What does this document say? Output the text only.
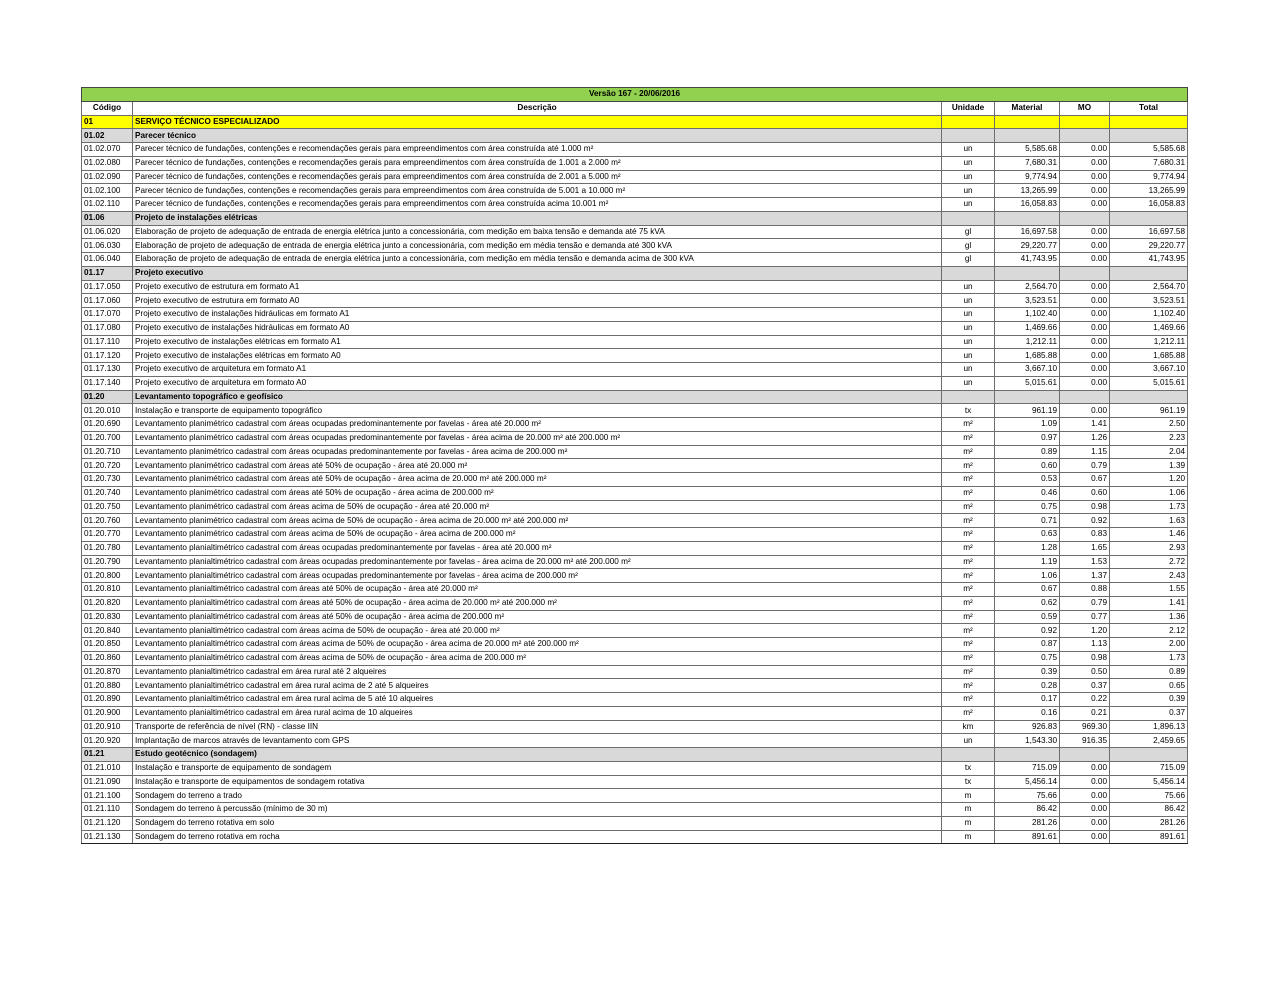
Versão 167 - 20/06/2016					
Código	Descrição	Unidade	Material	MO	Total
01	SERVIÇO TÉCNICO ESPECIALIZADO				
01.02	Parecer técnico				
01.02.070	Parecer técnico de fundações, contenções e recomendações gerais para empreendimentos com área construída até 1.000 m²	un	5,585.68	0.00	5,585.68
01.02.080	Parecer técnico de fundações, contenções e recomendações gerais para empreendimentos com área construída de 1.001 a 2.000 m²	un	7,680.31	0.00	7,680.31
01.02.090	Parecer técnico de fundações, contenções e recomendações gerais para empreendimentos com área construída de 2.001 a 5.000 m²	un	9,774.94	0.00	9,774.94
01.02.100	Parecer técnico de fundações, contenções e recomendações gerais para empreendimentos com área construída de 5.001 a 10.000 m²	un	13,265.99	0.00	13,265.99
01.02.110	Parecer técnico de fundações, contenções e recomendações gerais para empreendimentos com área construída acima 10.001 m²	un	16,058.83	0.00	16,058.83
01.06	Projeto de instalações elétricas				
01.06.020	Elaboração de projeto de adequação de entrada de energia elétrica junto a concessionária, com medição em baixa tensão e demanda até 75 kVA	gl	16,697.58	0.00	16,697.58
01.06.030	Elaboração de projeto de adequação de entrada de energia elétrica junto a concessionária, com medição em média tensão e demanda até 300 kVA	gl	29,220.77	0.00	29,220.77
01.06.040	Elaboração de projeto de adequação de entrada de energia elétrica junto a concessionária, com medição em média tensão e demanda acima de 300 kVA	gl	41,743.95	0.00	41,743.95
01.17	Projeto executivo				
01.17.050	Projeto executivo de estrutura em formato A1	un	2,564.70	0.00	2,564.70
01.17.060	Projeto executivo de estrutura em formato A0	un	3,523.51	0.00	3,523.51
01.17.070	Projeto executivo de instalações hidráulicas em formato A1	un	1,102.40	0.00	1,102.40
01.17.080	Projeto executivo de instalações hidráulicas em formato A0	un	1,469.66	0.00	1,469.66
01.17.110	Projeto executivo de instalações elétricas em formato A1	un	1,212.11	0.00	1,212.11
01.17.120	Projeto executivo de instalações elétricas em formato A0	un	1,685.88	0.00	1,685.88
01.17.130	Projeto executivo de arquitetura em formato A1	un	3,667.10	0.00	3,667.10
01.17.140	Projeto executivo de arquitetura em formato A0	un	5,015.61	0.00	5,015.61
01.20	Levantamento topográfico e geofísico				
01.20.010	Instalação e transporte de equipamento topográfico	tx	961.19	0.00	961.19
01.20.690	Levantamento planimétrico cadastral com áreas ocupadas predominantemente por favelas - área até 20.000 m²	m²	1.09	1.41	2.50
01.20.700	Levantamento planimétrico cadastral com áreas ocupadas predominantemente por favelas - área acima de 20.000 m² até 200.000 m²	m²	0.97	1.26	2.23
01.20.710	Levantamento planimétrico cadastral com áreas ocupadas predominantemente por favelas - área acima de 200.000 m²	m²	0.89	1.15	2.04
01.20.720	Levantamento planimétrico cadastral com áreas até 50% de ocupação - área até 20.000 m²	m²	0.60	0.79	1.39
01.20.730	Levantamento planimétrico cadastral com áreas até 50% de ocupação - área acima de 20.000 m² até 200.000 m²	m²	0.53	0.67	1.20
01.20.740	Levantamento planimétrico cadastral com áreas até 50% de ocupação - área acima de 200.000 m²	m²	0.46	0.60	1.06
01.20.750	Levantamento planimétrico cadastral com áreas acima de 50% de ocupação - área até 20.000 m²	m²	0.75	0.98	1.73
01.20.760	Levantamento planimétrico cadastral com áreas acima de 50% de ocupação - área acima de 20.000 m² até 200.000 m²	m²	0.71	0.92	1.63
01.20.770	Levantamento planimétrico cadastral com áreas acima de 50% de ocupação - área acima de 200.000 m²	m²	0.63	0.83	1.46
01.20.780	Levantamento planialtimétrico cadastral com áreas ocupadas predominantemente por favelas - área até 20.000 m²	m²	1.28	1.65	2.93
01.20.790	Levantamento planialtimétrico cadastral com áreas ocupadas predominantemente por favelas - área acima de 20.000 m² até 200.000 m²	m²	1.19	1.53	2.72
01.20.800	Levantamento planialtimétrico cadastral com áreas ocupadas predominantemente por favelas - área acima de 200.000 m²	m²	1.06	1.37	2.43
01.20.810	Levantamento planialtimétrico cadastral com áreas até 50% de ocupação - área até 20.000 m²	m²	0.67	0.88	1.55
01.20.820	Levantamento planialtimétrico cadastral com áreas até 50% de ocupação - área acima de 20.000 m² até 200.000 m²	m²	0.62	0.79	1.41
01.20.830	Levantamento planialtimétrico cadastral com áreas até 50% de ocupação - área acima de 200.000 m²	m²	0.59	0.77	1.36
01.20.840	Levantamento planialtimétrico cadastral com áreas acima de 50% de ocupação - área até 20.000 m²	m²	0.92	1.20	2.12
01.20.850	Levantamento planialtimétrico cadastral com áreas acima de 50% de ocupação - área acima de 20.000 m² até 200.000 m²	m²	0.87	1.13	2.00
01.20.860	Levantamento planialtimétrico cadastral com áreas acima de 50% de ocupação - área acima de 200.000 m²	m²	0.75	0.98	1.73
01.20.870	Levantamento planialtimétrico cadastral em área rural até 2 alqueires	m²	0.39	0.50	0.89
01.20.880	Levantamento planialtimétrico cadastral em área rural acima de 2 até 5 alqueires	m²	0.28	0.37	0.65
01.20.890	Levantamento planialtimétrico cadastral em área rural acima de 5 até 10 alqueires	m²	0.17	0.22	0.39
01.20.900	Levantamento planialtimétrico cadastral em área rural acima de 10 alqueires	m²	0.16	0.21	0.37
01.20.910	Transporte de referência de nível (RN) - classe IIN	km	926.83	969.30	1,896.13
01.20.920	Implantação de marcos através de levantamento com GPS	un	1,543.30	916.35	2,459.65
01.21	Estudo geotécnico (sondagem)				
01.21.010	Instalação e transporte de equipamento de sondagem	tx	715.09	0.00	715.09
01.21.090	Instalação e transporte de equipamentos de sondagem rotativa	tx	5,456.14	0.00	5,456.14
01.21.100	Sondagem do terreno a trado	m	75.66	0.00	75.66
01.21.110	Sondagem do terreno à percussão (mínimo de 30 m)	m	86.42	0.00	86.42
01.21.120	Sondagem do terreno rotativa em solo	m	281.26	0.00	281.26
01.21.130	Sondagem do terreno rotativa em rocha	m	891.61	0.00	891.61
